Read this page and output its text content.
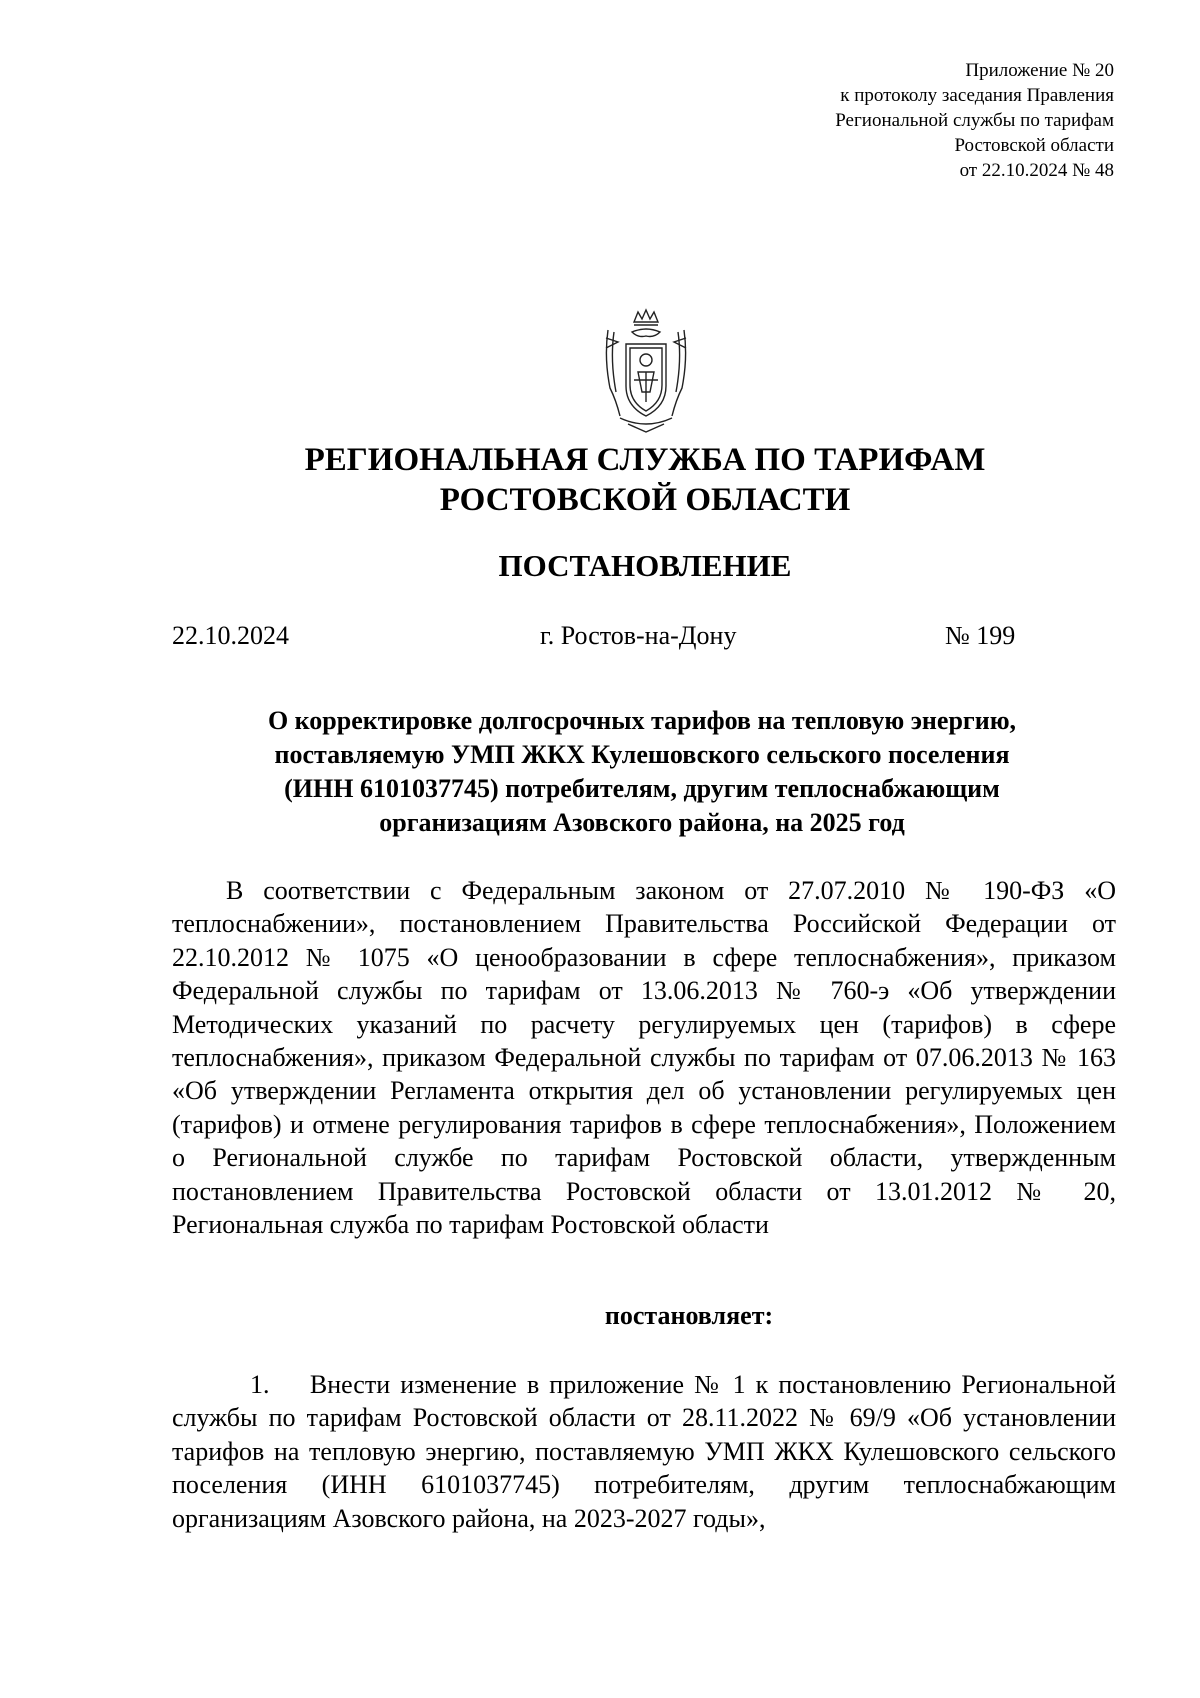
Приложение № 20
к протоколу заседания Правления
Региональной службы по тарифам
Ростовской области
от 22.10.2024 № 48
РЕГИОНАЛЬНАЯ СЛУЖБА ПО ТАРИФАМ
РОСТОВСКОЙ ОБЛАСТИ
ПОСТАНОВЛЕНИЕ
22.10.2024	г. Ростов-на-Дону	№ 199
О корректировке долгосрочных тарифов на тепловую энергию,
поставляемую УМП ЖКХ Кулешовского сельского поселения
(ИНН 6101037745) потребителям, другим теплоснабжающим
организациям Азовского района, на 2025 год
В соответствии с Федеральным законом от 27.07.2010 № 190-ФЗ «О теплоснабжении», постановлением Правительства Российской Федерации от 22.10.2012 № 1075 «О ценообразовании в сфере теплоснабжения», приказом Федеральной службы по тарифам от 13.06.2013 № 760-э «Об утверждении Методических указаний по расчету регулируемых цен (тарифов) в сфере теплоснабжения», приказом Федеральной службы по тарифам от 07.06.2013 № 163 «Об утверждении Регламента открытия дел об установлении регулируемых цен (тарифов) и отмене регулирования тарифов в сфере теплоснабжения», Положением о Региональной службе по тарифам Ростовской области, утвержденным постановлением Правительства Ростовской области от 13.01.2012 № 20, Региональная служба по тарифам Ростовской области
постановляет:
1.    Внести изменение в приложение № 1 к постановлению Региональной службы по тарифам Ростовской области от 28.11.2022 № 69/9 «Об установлении тарифов на тепловую энергию, поставляемую УМП ЖКХ Кулешовского сельского поселения (ИНН 6101037745) потребителям, другим теплоснабжающим организациям Азовского района, на 2023-2027 годы»,
